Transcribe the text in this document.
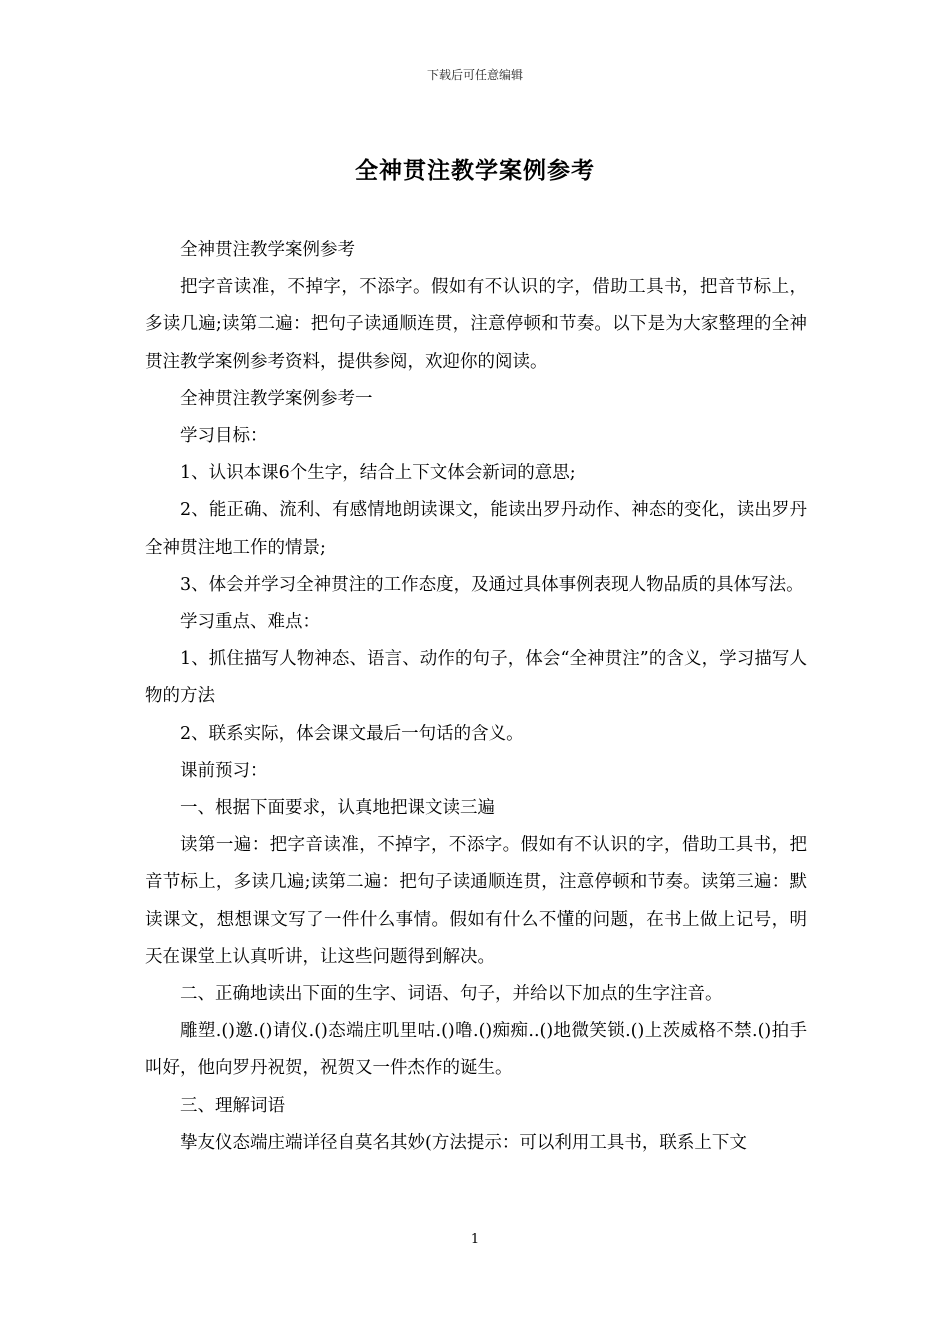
下载后可任意编辑
全神贯注教学案例参考

全神贯注教学案例参考

把字音读准，不掉字，不添字。假如有不认识的字，借助工具书，把音节标上，多读几遍;读第二遍：把句子读通顺连贯，注意停顿和节奏。以下是为大家整理的全神贯注教学案例参考资料，提供参阅，欢迎你的阅读。

全神贯注教学案例参考一

学习目标：

1、认识本课6个生字，结合上下文体会新词的意思;

2、能正确、流利、有感情地朗读课文，能读出罗丹动作、神态的变化，读出罗丹全神贯注地工作的情景;

3、体会并学习全神贯注的工作态度，及通过具体事例表现人物品质的具体写法。

学习重点、难点：

1、抓住描写人物神态、语言、动作的句子，体会“全神贯注”的含义，学习描写人物的方法

2、联系实际，体会课文最后一句话的含义。

课前预习：

一、根据下面要求，认真地把课文读三遍

读第一遍：把字音读准，不掉字，不添字。假如有不认识的字，借助工具书，把音节标上，多读几遍;读第二遍：把句子读通顺连贯，注意停顿和节奏。读第三遍：默读课文，想想课文写了一件什么事情。假如有什么不懂的问题，在书上做上记号，明天在课堂上认真听讲，让这些问题得到解决。

二、正确地读出下面的生字、词语、句子，并给以下加点的生字注音。

雕塑.()邀.()请仪.()态端庄叽里咕.()噜.()痴痴..()地微笑锁.()上茨威格不禁.()拍手叫好，他向罗丹祝贺，祝贺又一件杰作的诞生。

三、理解词语

挚友仪态端庄端详径自莫名其妙(方法提示：可以利用工具书，联系上下文

1
